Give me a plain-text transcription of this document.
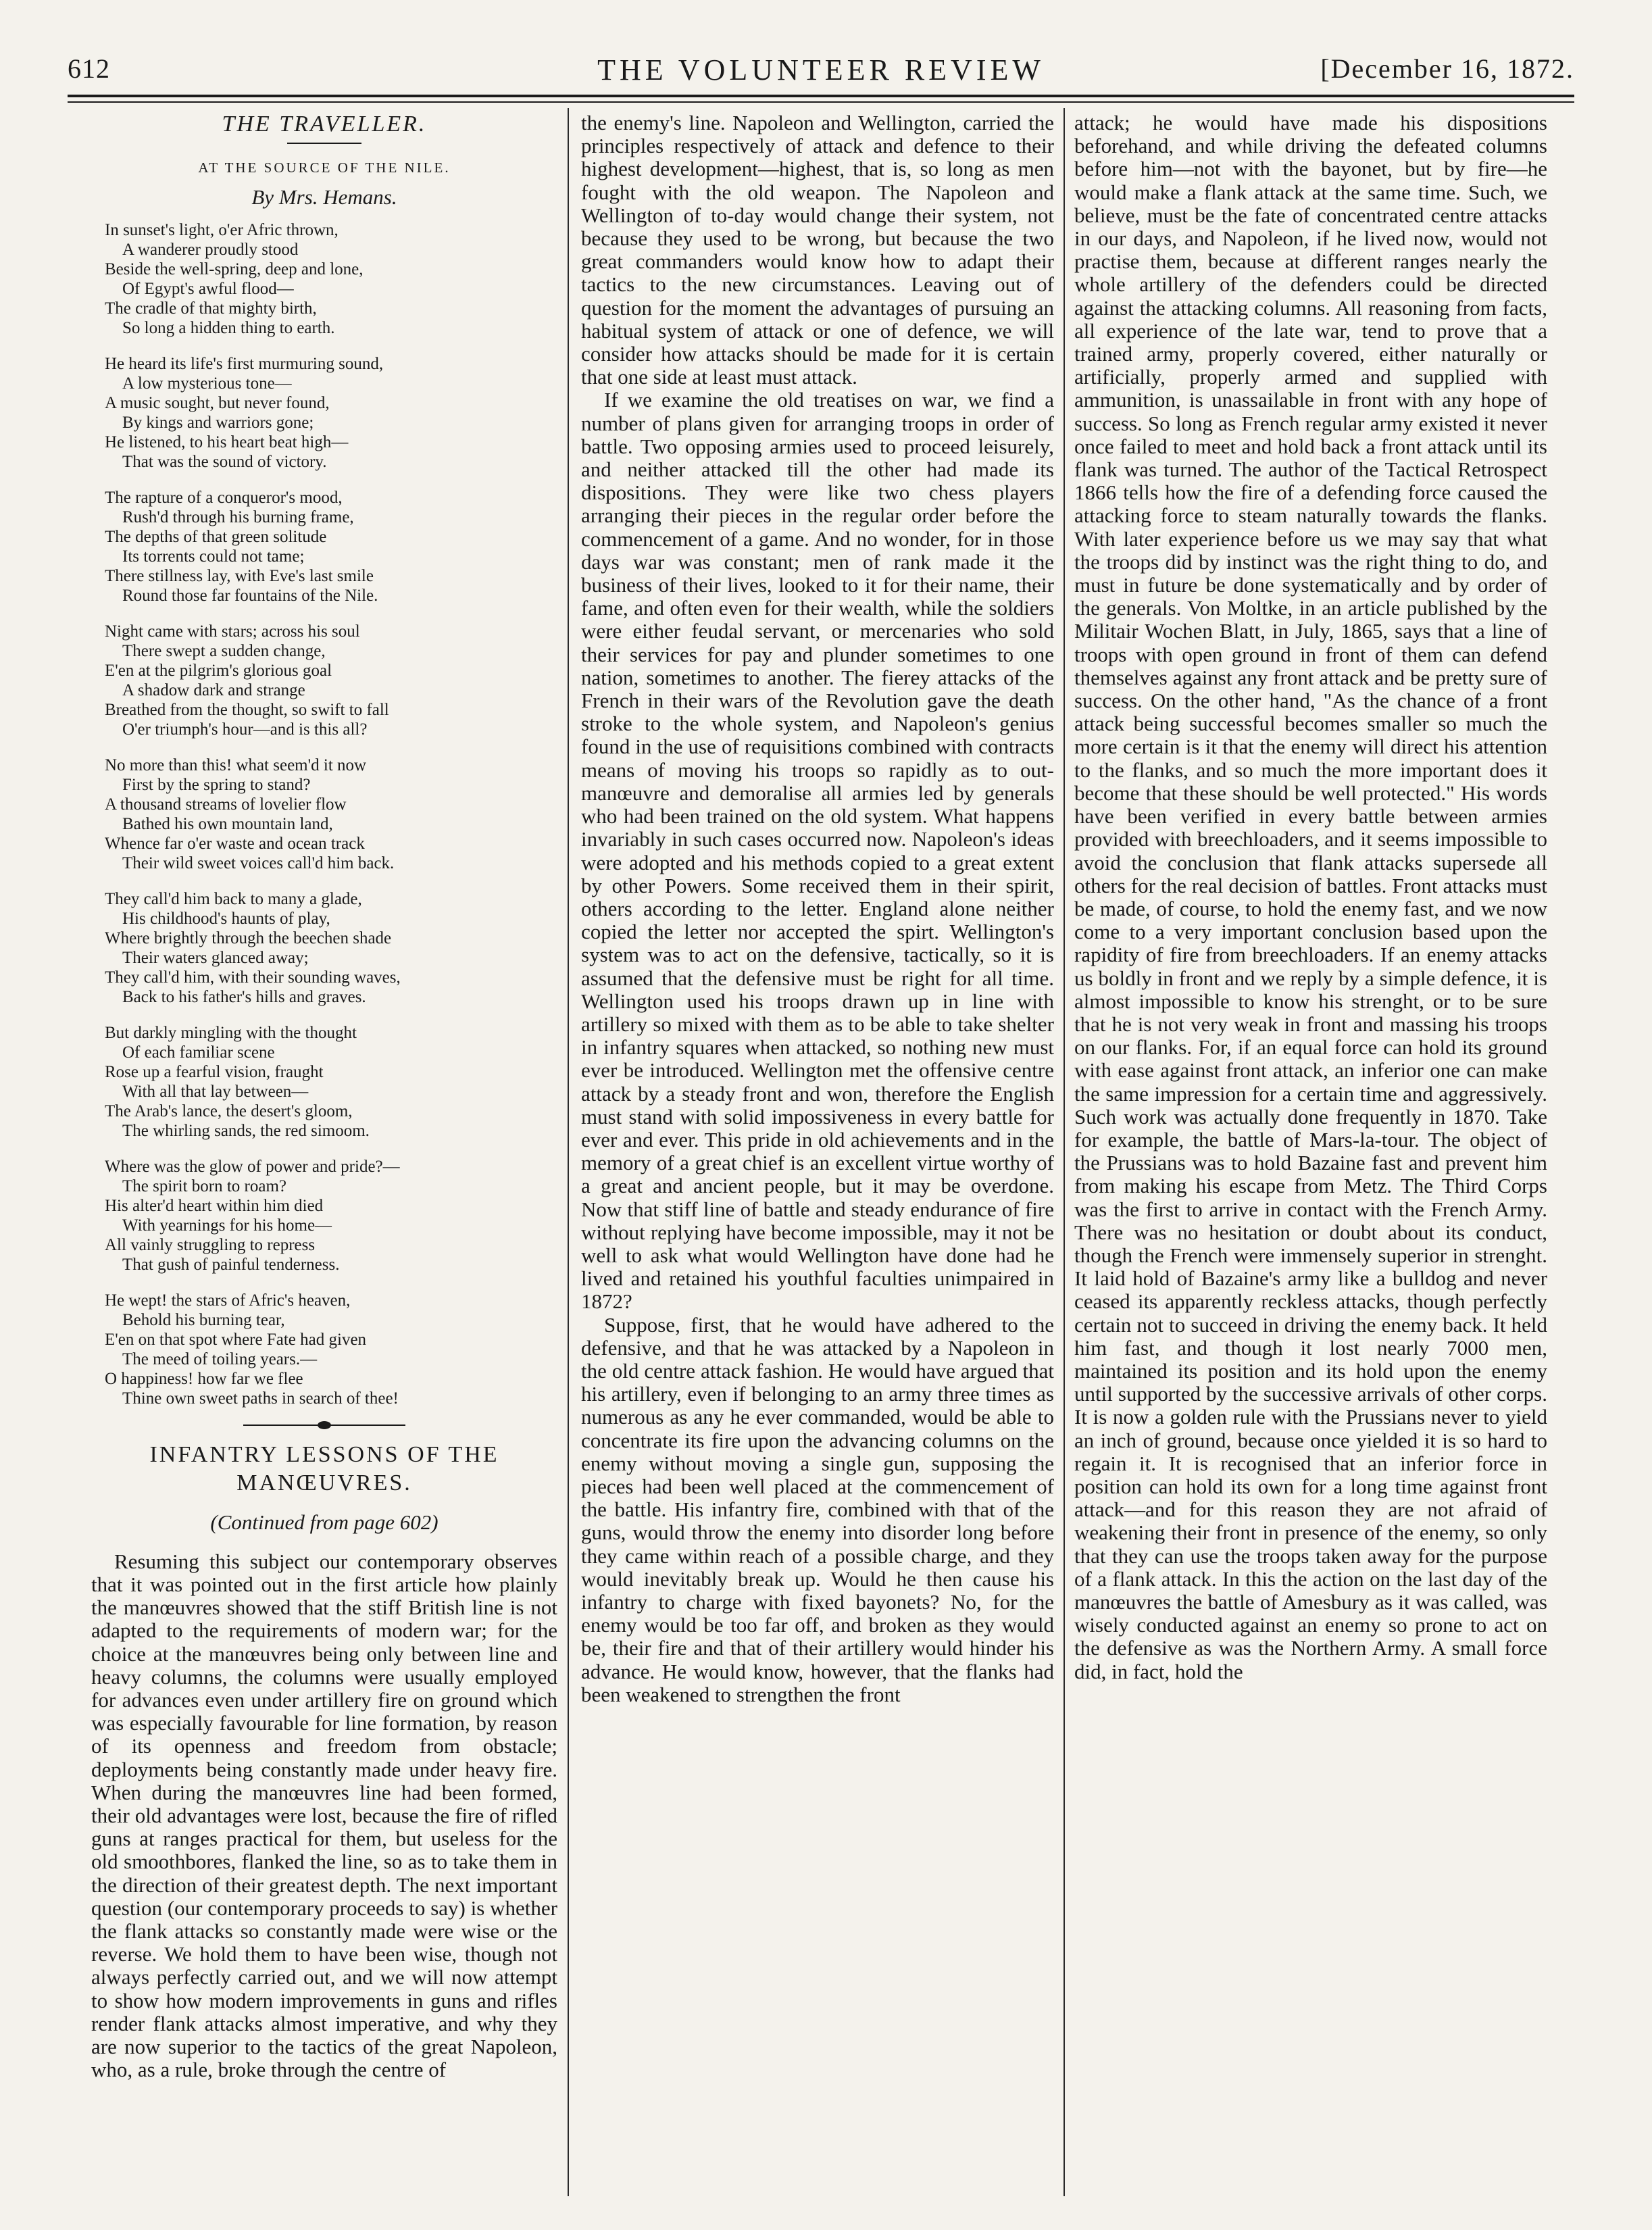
612	THE VOLUNTEER REVIEW	[December 16, 1872.
THE TRAVELLER.
AT THE SOURCE OF THE NILE.
By Mrs. Hemans.
In sunset's light, o'er Afric thrown,
A wanderer proudly stood
Beside the well-spring, deep and lone,
Of Egypt's awful flood—
The cradle of that mighty birth,
So long a hidden thing to earth.
He heard its life's first murmuring sound,
A low mysterious tone—
A music sought, but never found,
By kings and warriors gone;
He listened, to his heart beat high—
That was the sound of victory.
The rapture of a conqueror's mood,
Rush'd through his burning frame,
The depths of that green solitude
Its torrents could not tame;
There stillness lay, with Eve's last smile
Round those far fountains of the Nile.
Night came with stars; across his soul
There swept a sudden change,
E'en at the pilgrim's glorious goal
A shadow dark and strange
Breathed from the thought, so swift to fall
O'er triumph's hour—and is this all?
No more than this! what seem'd it now
First by the spring to stand?
A thousand streams of lovelier flow
Bathed his own mountain land,
Whence far o'er waste and ocean track
Their wild sweet voices call'd him back.
They call'd him back to many a glade,
His childhood's haunts of play,
Where brightly through the beechen shade
Their waters glanced away;
They call'd him, with their sounding waves,
Back to his father's hills and graves.
But darkly mingling with the thought
Of each familiar scene
Rose up a fearful vision, fraught
With all that lay between—
The Arab's lance, the desert's gloom,
The whirling sands, the red simoom.
Where was the glow of power and pride?—
The spirit born to roam?
His alter'd heart within him died
With yearnings for his home—
All vainly struggling to repress
That gush of painful tenderness.
He wept! the stars of Afric's heaven,
Behold his burning tear,
E'en on that spot where Fate had given
The meed of toiling years.—
O happiness! how far we flee
Thine own sweet paths in search of thee!
INFANTRY LESSONS OF THE MANŒUVRES.
(Continued from page 602)

Resuming this subject our contemporary observes that it was pointed out in the first article how plainly the manœuvres showed that the stiff British line is not adapted to the requirements of modern war; for the choice at the manœuvres being only between line and heavy columns, the columns were usually employed for advances even under artillery fire on ground which was especially favourable for line formation, by reason of its openness and freedom from obstacle; deployments being constantly made under heavy fire. When during the manœuvres line had been formed, their old advantages were lost, because the fire of rifled guns at ranges practical for them, but useless for the old smoothbores, flanked the line, so as to take them in the direction of their greatest depth. The next important question (our contemporary proceeds to say) is whether the flank attacks so constantly made were wise or the reverse. We hold them to have been wise, though not always perfectly carried out, and we will now attempt to show how modern improvements in guns and rifles render flank attacks almost imperative, and why they are now superior to the tactics of the great Napoleon, who, as a rule, broke through the centre of

the enemy's line. Napoleon and Wellington, carried the principles respectively of attack and defence to their highest development—highest, that is, so long as men fought with the old weapon. The Napoleon and Wellington of to-day would change their system, not because they used to be wrong, but because the two great commanders would know how to adapt their tactics to the new circumstances. Leaving out of question for the moment the advantages of pursuing an habitual system of attack or one of defence, we will consider how attacks should be made for it is certain that one side at least must attack.

If we examine the old treatises on war, we find a number of plans given for arranging troops in order of battle. Two opposing armies used to proceed leisurely, and neither attacked till the other had made its dispositions. They were like two chess players arranging their pieces in the regular order before the commencement of a game. And no wonder, for in those days war was constant; men of rank made it the business of their lives, looked to it for their name, their fame, and often even for their wealth, while the soldiers were either feudal servant, or mercenaries who sold their services for pay and plunder sometimes to one nation, sometimes to another. The fierey attacks of the French in their wars of the Revolution gave the death stroke to the whole system, and Napoleon's genius found in the use of requisitions combined with contracts means of moving his troops so rapidly as to out-manœuvre and demoralise all armies led by generals who had been trained on the old system. What happens invariably in such cases occurred now. Napoleon's ideas were adopted and his methods copied to a great extent by other Powers. Some received them in their spirit, others according to the letter. England alone neither copied the letter nor accepted the spirt. Wellington's system was to act on the defensive, tactically, so it is assumed that the defensive must be right for all time. Wellington used his troops drawn up in line with artillery so mixed with them as to be able to take shelter in infantry squares when attacked, so nothing new must ever be introduced. Wellington met the offensive centre attack by a steady front and won, therefore the English must stand with solid impossiveness in every battle for ever and ever. This pride in old achievements and in the memory of a great chief is an excellent virtue worthy of a great and ancient people, but it may be overdone. Now that stiff line of battle and steady endurance of fire without replying have become impossible, may it not be well to ask what would Wellington have done had he lived and retained his youthful faculties unimpaired in 1872?

Suppose, first, that he would have adhered to the defensive, and that he was attacked by a Napoleon in the old centre attack fashion. He would have argued that his artillery, even if belonging to an army three times as numerous as any he ever commanded, would be able to concentrate its fire upon the advancing columns on the enemy without moving a single gun, supposing the pieces had been well placed at the commencement of the battle. His infantry fire, combined with that of the guns, would throw the enemy into disorder long before they came within reach of a possible charge, and they would inevitably break up. Would he then cause his infantry to charge with fixed bayonets? No, for the enemy would be too far off, and broken as they would be, their fire and that of their artillery would hinder his advance. He would know, however, that the flanks had been weakened to strengthen the front

attack; he would have made his dispositions beforehand, and while driving the defeated columns before him—not with the bayonet, but by fire—he would make a flank attack at the same time. Such, we believe, must be the fate of concentrated centre attacks in our days, and Napoleon, if he lived now, would not practise them, because at different ranges nearly the whole artillery of the defenders could be directed against the attacking columns. All reasoning from facts, all experience of the late war, tend to prove that a trained army, properly covered, either naturally or artificially, properly armed and supplied with ammunition, is unassailable in front with any hope of success. So long as French regular army existed it never once failed to meet and hold back a front attack until its flank was turned. The author of the Tactical Retrospect 1866 tells how the fire of a defending force caused the attacking force to steam naturally towards the flanks. With later experience before us we may say that what the troops did by instinct was the right thing to do, and must in future be done systematically and by order of the generals. Von Moltke, in an article published by the Militair Wochen Blatt, in July, 1865, says that a line of troops with open ground in front of them can defend themselves against any front attack and be pretty sure of success. On the other hand, "As the chance of a front attack being successful becomes smaller so much the more certain is it that the enemy will direct his attention to the flanks, and so much the more important does it become that these should be well protected." His words have been verified in every battle between armies provided with breechloaders, and it seems impossible to avoid the conclusion that flank attacks supersede all others for the real decision of battles. Front attacks must be made, of course, to hold the enemy fast, and we now come to a very important conclusion based upon the rapidity of fire from breechloaders. If an enemy attacks us boldly in front and we reply by a simple defence, it is almost impossible to know his strenght, or to be sure that he is not very weak in front and massing his troops on our flanks. For, if an equal force can hold its ground with ease against front attack, an inferior one can make the same impression for a certain time and aggressively. Such work was actually done frequently in 1870. Take for example, the battle of Mars-la-tour. The object of the Prussians was to hold Bazaine fast and prevent him from making his escape from Metz. The Third Corps was the first to arrive in contact with the French Army. There was no hesitation or doubt about its conduct, though the French were immensely superior in strenght. It laid hold of Bazaine's army like a bulldog and never ceased its apparently reckless attacks, though perfectly certain not to succeed in driving the enemy back. It held him fast, and though it lost nearly 7000 men, maintained its position and its hold upon the enemy until supported by the successive arrivals of other corps. It is now a golden rule with the Prussians never to yield an inch of ground, because once yielded it is so hard to regain it. It is recognised that an inferior force in position can hold its own for a long time against front attack—and for this reason they are not afraid of weakening their front in presence of the enemy, so only that they can use the troops taken away for the purpose of a flank attack. In this the action on the last day of the manœuvres the battle of Amesbury as it was called, was wisely conducted against an enemy so prone to act on the defensive as was the Northern Army. A small force did, in fact, hold the
